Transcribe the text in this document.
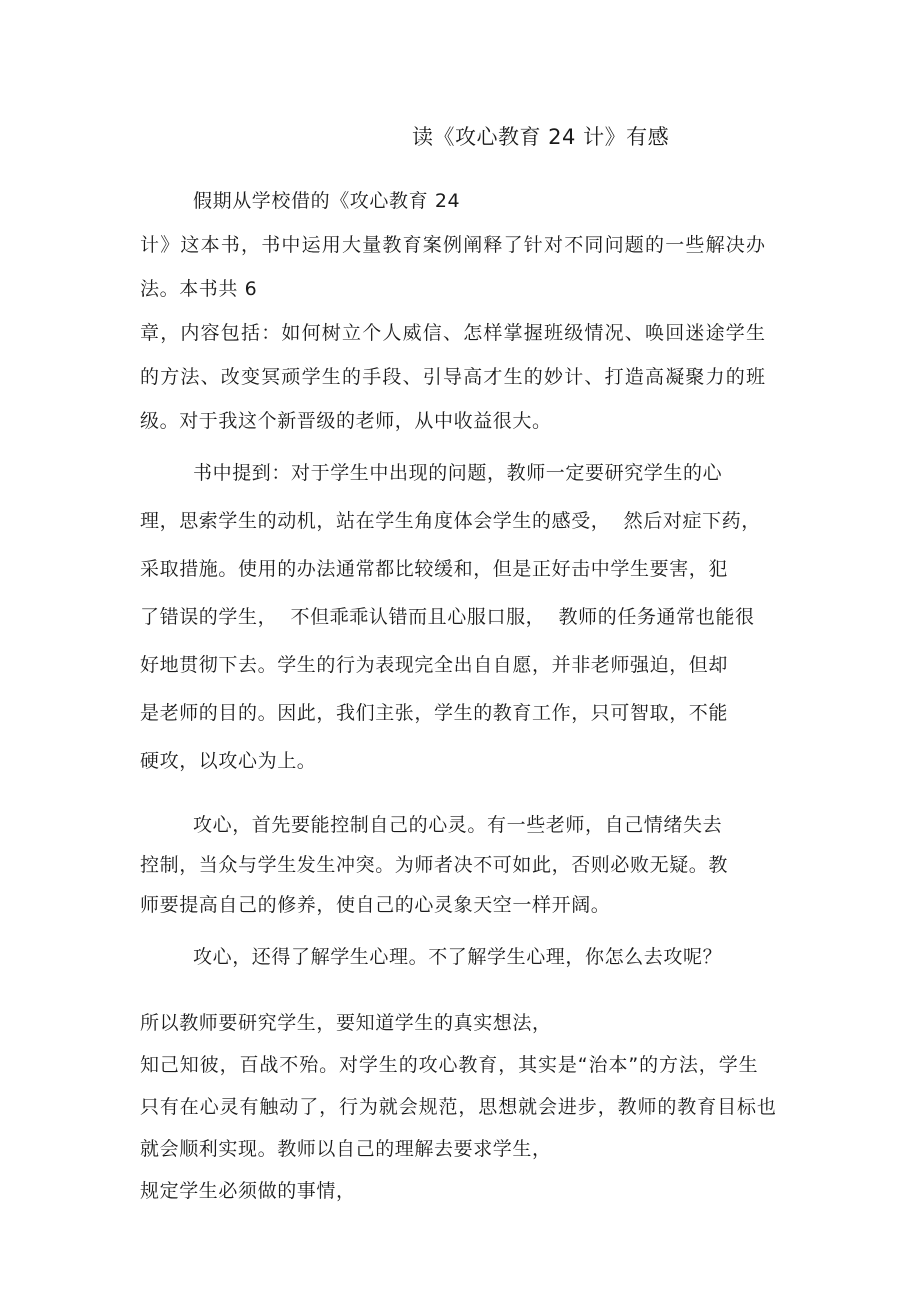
读《攻心教育 24 计》有感
假期从学校借的《攻心教育 24
计》这本书，书中运用大量教育案例阐释了针对不同问题的一些解决办
法。本书共 6
章，内容包括：如何树立个人威信、怎样掌握班级情况、唤回迷途学生
的方法、改变冥顽学生的手段、引导高才生的妙计、打造高凝聚力的班
级。对于我这个新晋级的老师，从中收益很大。
书中提到：对于学生中出现的问题，教师一定要研究学生的心
理，思索学生的动机，站在学生角度体会学生的感受，  然后对症下药，
采取措施。使用的办法通常都比较缓和，但是正好击中学生要害，犯
了错误的学生，  不但乖乖认错而且心服口服，  教师的任务通常也能很
好地贯彻下去。学生的行为表现完全出自自愿，并非老师强迫，但却
是老师的目的。因此，我们主张，学生的教育工作，只可智取，不能
硬攻，以攻心为上。
攻心，首先要能控制自己的心灵。有一些老师，自己情绪失去
控制，当众与学生发生冲突。为师者决不可如此，否则必败无疑。教
师要提高自己的修养，使自己的心灵象天空一样开阔。
攻心，还得了解学生心理。不了解学生心理，你怎么去攻呢？
所以教师要研究学生，要知道学生的真实想法，
知己知彼，百战不殆。对学生的攻心教育，其实是“治本”的方法，学生
只有在心灵有触动了，行为就会规范，思想就会进步，教师的教育目标也
就会顺利实现。教师以自己的理解去要求学生，
规定学生必须做的事情，
